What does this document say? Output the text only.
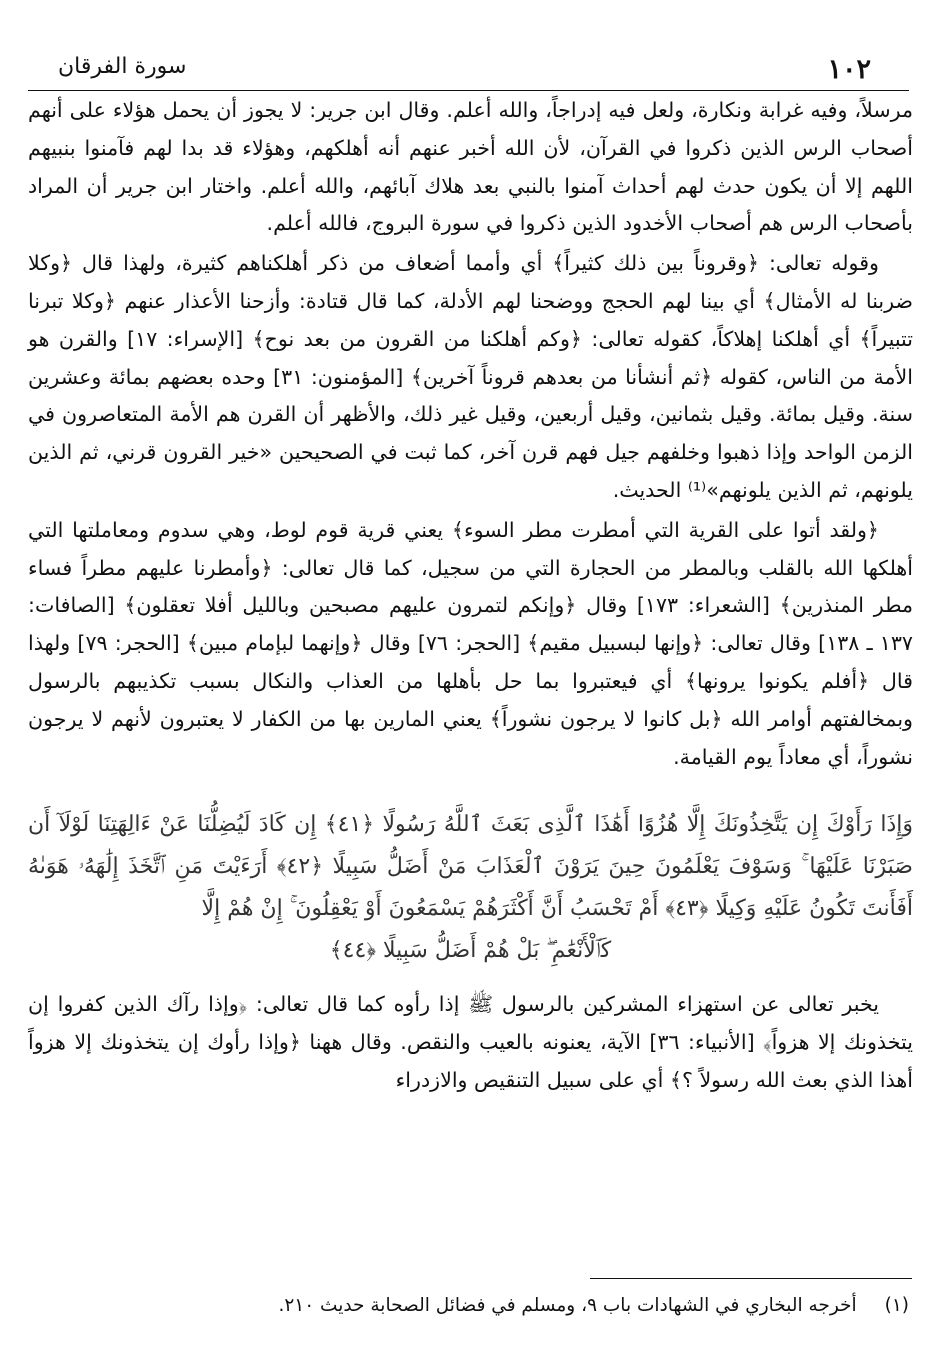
١٠٢
سورة الفرقان

مرسلاً، وفيه غرابة ونكارة، ولعل فيه إدراجاً، والله أعلم. وقال ابن جرير: لا يجوز أن يحمل هؤلاء على أنهم أصحاب الرس الذين ذكروا في القرآن، لأن الله أخبر عنهم أنه أهلكهم، وهؤلاء قد بدا لهم فآمنوا بنبيهم اللهم إلا أن يكون حدث لهم أحداث آمنوا بالنبي بعد هلاك آبائهم، والله أعلم. واختار ابن جرير أن المراد بأصحاب الرس هم أصحاب الأخدود الذين ذكروا في سورة البروج، فالله أعلم.

وقوله تعالى: ﴿وقروناً بين ذلك كثيراً﴾ أي وأمما أضعاف من ذكر أهلكناهم كثيرة، ولهذا قال ﴿وكلا ضربنا له الأمثال﴾ أي بينا لهم الحجج ووضحنا لهم الأدلة، كما قال قتادة: وأزحنا الأعذار عنهم ﴿وكلا تبرنا تتبيراً﴾ أي أهلكنا إهلاكاً، كقوله تعالى: ﴿وكم أهلكنا من القرون من بعد نوح﴾ [الإسراء: ١٧] والقرن هو الأمة من الناس، كقوله ﴿ثم أنشأنا من بعدهم قروناً آخرين﴾ [المؤمنون: ٣١] وحده بعضهم بمائة وعشرين سنة. وقيل بمائة. وقيل بثمانين، وقيل أربعين، وقيل غير ذلك، والأظهر أن القرن هم الأمة المتعاصرون في الزمن الواحد وإذا ذهبوا وخلفهم جيل فهم قرن آخر، كما ثبت في الصحيحين «خير القرون قرني، ثم الذين يلونهم، ثم الذين يلونهم»⁽¹⁾ الحديث.

﴿ولقد أتوا على القرية التي أمطرت مطر السوء﴾ يعني قرية قوم لوط، وهي سدوم ومعاملتها التي أهلكها الله بالقلب وبالمطر من الحجارة التي من سجيل، كما قال تعالى: ﴿وأمطرنا عليهم مطراً فساء مطر المنذرين﴾ [الشعراء: ١٧٣] وقال ﴿وإنكم لتمرون عليهم مصبحين وبالليل أفلا تعقلون﴾ [الصافات: ١٣٧ ـ ١٣٨] وقال تعالى: ﴿وإنها لبسبيل مقيم﴾ [الحجر: ٧٦] وقال ﴿وإنهما لبإمام مبين﴾ [الحجر: ٧٩] ولهذا قال ﴿أفلم يكونوا يرونها﴾ أي فيعتبروا بما حل بأهلها من العذاب والنكال بسبب تكذيبهم بالرسول وبمخالفتهم أوامر الله ﴿بل كانوا لا يرجون نشوراً﴾ يعني المارين بها من الكفار لا يعتبرون لأنهم لا يرجون نشوراً، أي معاداً يوم القيامة.

وَإِذَا رَأَوْكَ إِن يَتَّخِذُونَكَ إِلَّا هُزُوًا أَهَٰذَا ٱلَّذِى بَعَثَ ٱللَّهُ رَسُولًا ﴿٤١﴾ إِن كَادَ لَيُضِلُّنَا عَنْ ءَالِهَتِنَا لَوْلَآ أَن صَبَرْنَا عَلَيْهَا ۚ وَسَوْفَ يَعْلَمُونَ حِينَ يَرَوْنَ ٱلْعَذَابَ مَنْ أَضَلُّ سَبِيلًا ﴿٤٢﴾ أَرَءَيْتَ مَنِ ٱتَّخَذَ إِلَٰهَهُۥ هَوَىٰهُ أَفَأَنتَ تَكُونُ عَلَيْهِ وَكِيلًا ﴿٤٣﴾ أَمْ تَحْسَبُ أَنَّ أَكْثَرَهُمْ يَسْمَعُونَ أَوْ يَعْقِلُونَ ۚ إِنْ هُمْ إِلَّا
كَٱلْأَنْعَٰمِ ۖ بَلْ هُمْ أَضَلُّ سَبِيلًا ﴿٤٤﴾

يخبر تعالى عن استهزاء المشركين بالرسول ﷺ إذا رأوه كما قال تعالى: ﴿وإذا رآك الذين كفروا إن يتخذونك إلا هزواً﴾ [الأنبياء: ٣٦] الآية، يعنونه بالعيب والنقص. وقال ههنا ﴿وإذا رأوك إن يتخذونك إلا هزواً أهذا الذي بعث الله رسولاً ؟﴾ أي على سبيل التنقيص والازدراء

(١)أخرجه البخاري في الشهادات باب ٩، ومسلم في فضائل الصحابة حديث ٢١٠.
